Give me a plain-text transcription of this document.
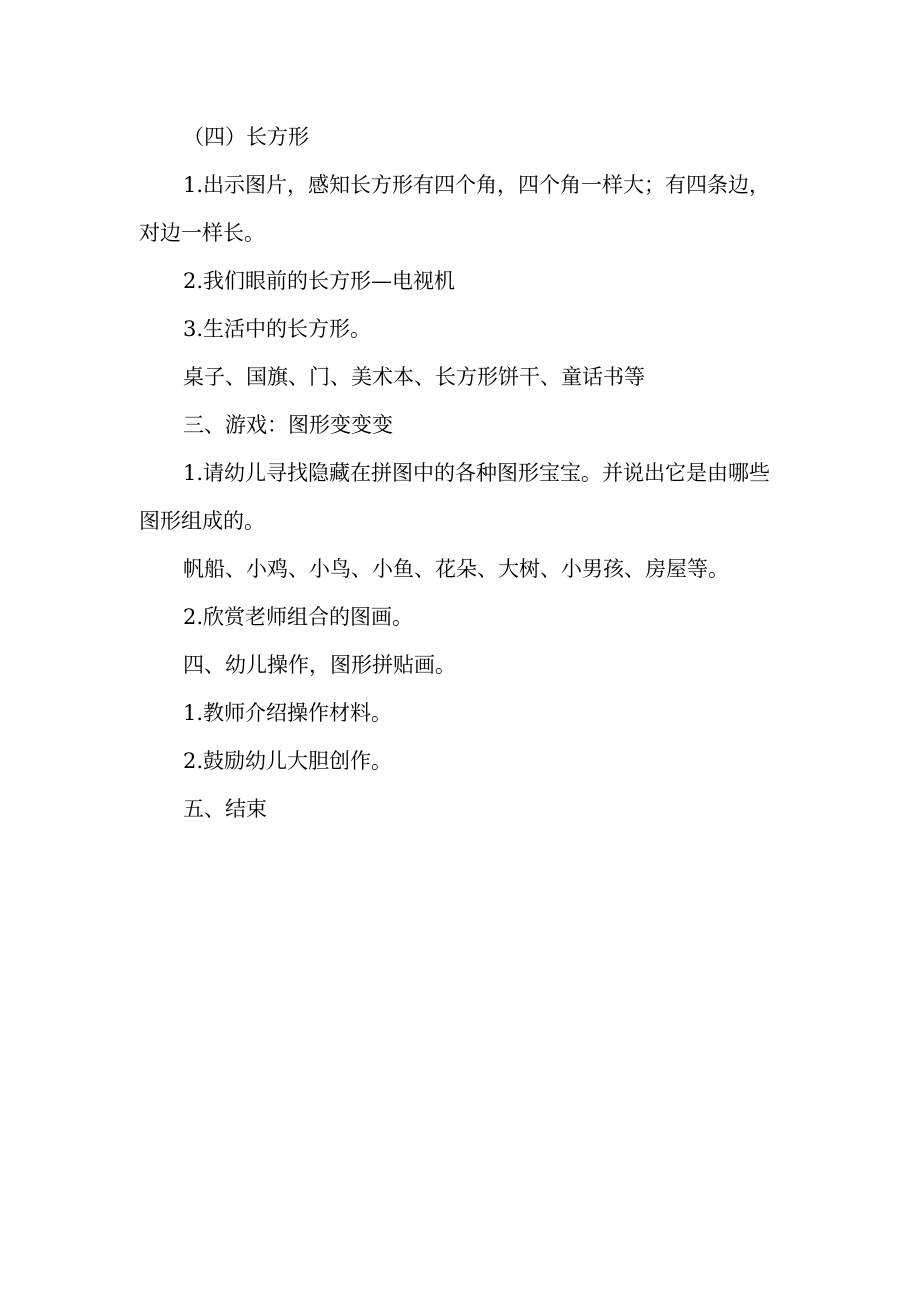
（四）长方形

1.出示图片，感知长方形有四个角，四个角一样大；有四条边，

对边一样长。

2.我们眼前的长方形—电视机

3.生活中的长方形。

桌子、国旗、门、美术本、长方形饼干、童话书等

三、游戏：图形变变变

1.请幼儿寻找隐藏在拼图中的各种图形宝宝。并说出它是由哪些

图形组成的。

帆船、小鸡、小鸟、小鱼、花朵、大树、小男孩、房屋等。

2.欣赏老师组合的图画。

四、幼儿操作，图形拼贴画。

1.教师介绍操作材料。

2.鼓励幼儿大胆创作。

五、结束
